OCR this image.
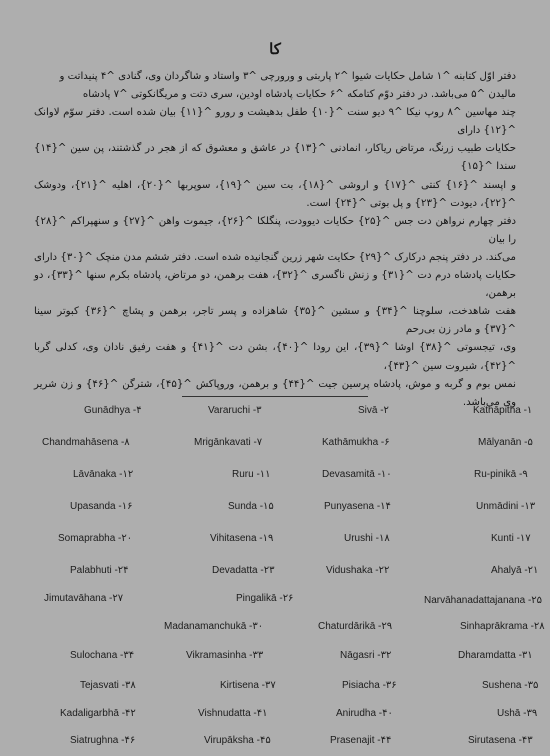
کا

دفتر اوّل کتابنه ^۱ شامل حکایات شیوا ^۲ پاربتی و ورورچی ^۳ واستاد و شاگردان وی، گنادی ^۴ پنیداتت و

مالیدن ^۵ می‌باشد. در دفتر دوّم کتامکه ^۶ حکایات پادشاه اودین، سری دتت و مریگانکوتی ^۷ پادشاه

چند مهاسین ^۸ روپ نیکا ^۹ دیو سنت ^{۱۰} طفل بدهیشت و رورو ^{۱۱} بیان شده است. دفتر سوّم لاوانک ^{۱۲} دارای

حکایات طبیب زرنگ، مرتاض ریاکار، انمادنی ^{۱۳} در عاشق و معشوق که از هجر در گذشتند، پن سین ^{۱۴} سندا ^{۱۵}

و اپسند ^{۱۶} کنتی ^{۱۷} و اروشی ^{۱۸}، بت سین ^{۱۹}، سوپربها ^{۲۰}، اهلیه ^{۲۱}، ودوشک ^{۲۲}، دیودت ^{۲۳} و پل بوتی ^{۲۴} است.

دفتر چهارم نرواهن دت جس ^{۲۵} حکایات دیوودت، پنگلکا ^{۲۶}، جیموت واهن ^{۲۷} و سنهپراکم ^{۲۸} را بیان

می‌کند. در دفتر پنجم درکارک ^{۲۹} حکایت شهر زرین گنجانیده شده است. دفتر ششم مدن منچک ^{۳۰} دارای

حکایات پادشاه درم دت ^{۳۱} و زنش ناگسری ^{۳۲}، هفت برهمن، دو مرتاض، پادشاه بکرم سنها ^{۳۳}، دو برهمن،

هفت شاهدخت، سلوچنا ^{۳۴} و سشین ^{۳۵} شاهزاده و پسر تاجر، برهمن و پشاچ ^{۳۶} کبوتر سینا ^{۳۷} و مادر زن بی‌رحم

وی، تیجسوتی ^{۳۸} اوشا ^{۳۹}، این رودا ^{۴۰}، بشن دت ^{۴۱} و هفت رفیق نادان وی، کدلی گربا ^{۴۲}، شیروت سین ^{۴۳}،

نمس بوم و گربه و موش، پادشاه پرسین جیت ^{۴۴} و برهمن، وروپاکش ^{۴۵}، شترگن ^{۴۶} و زن شریر وی می‌باشد.

Kathāpitha -۱
Mālyanān -۵
Ru-pinikā -۹
Unmādini -۱۳
Kunti -۱۷
Ahalyā -۲۱
Narvāhanadattajanana -۲۵
Sinhaprākrama -۲۸
Dharamdatta -۳۱
Sushena -۳۵
Ushā -۳۹
Sirutasena -۴۳
Sivā -۲
Kathāmukha -۶
Devasamitā -۱۰
Punyasena -۱۴
Urushi -۱۸
Vidushaka -۲۲
Chaturdārikā -۲۹
Nāgasri -۳۲
Pisiacha -۳۶
Anirudha -۴۰
Prasenajit -۴۴
Vararuchi -۳
Mrigānkavati -۷
Ruru -۱۱
Sunda -۱۵
Vihitasena -۱۹
Devadatta -۲۳
Pingalikā -۲۶
Madanamanchukā -۳۰
Vikramasinha -۳۳
Kirtisena -۳۷
Vishnudatta -۴۱
Virupāksha -۴۵
Gunādhya -۴
Chandmahāsena -۸
Lāvānaka -۱۲
Upasanda -۱۶
Somaprabha -۲۰
Palabhuti -۲۴
Jimutavāhana -۲۷
Sulochana -۳۴
Tejasvati -۳۸
Kadaligarbhā -۴۲
Siatrughna -۴۶
